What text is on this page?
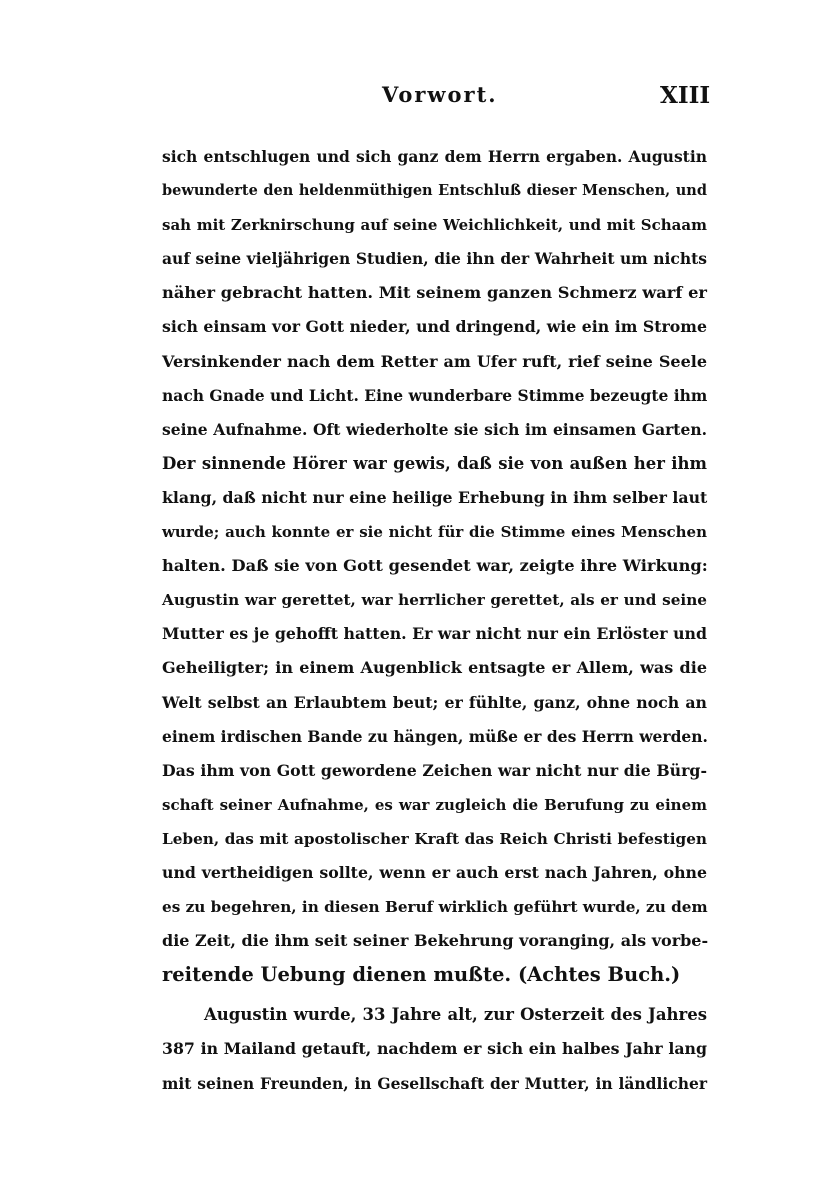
Vorwort.	XIII
sich entschlugen und sich ganz dem Herrn ergaben. Augustin
bewunderte den heldenmüthigen Entschluß dieser Menschen, und
sah mit Zerknirschung auf seine Weichlichkeit, und mit Schaam
auf seine vieljährigen Studien, die ihn der Wahrheit um nichts
näher gebracht hatten. Mit seinem ganzen Schmerz warf er
sich einsam vor Gott nieder, und dringend, wie ein im Strome
Versinkender nach dem Retter am Ufer ruft, rief seine Seele
nach Gnade und Licht. Eine wunderbare Stimme bezeugte ihm
seine Aufnahme. Oft wiederholte sie sich im einsamen Garten.
Der sinnende Hörer war gewis, daß sie von außen her ihm
klang, daß nicht nur eine heilige Erhebung in ihm selber laut
wurde; auch konnte er sie nicht für die Stimme eines Menschen
halten. Daß sie von Gott gesendet war, zeigte ihre Wirkung:
Augustin war gerettet, war herrlicher gerettet, als er und seine
Mutter es je gehofft hatten. Er war nicht nur ein Erlöster und
Geheiligter; in einem Augenblick entsagte er Allem, was die
Welt selbst an Erlaubtem beut; er fühlte, ganz, ohne noch an
einem irdischen Bande zu hängen, müße er des Herrn werden.
Das ihm von Gott gewordene Zeichen war nicht nur die Bürg-
schaft seiner Aufnahme, es war zugleich die Berufung zu einem
Leben, das mit apostolischer Kraft das Reich Christi befestigen
und vertheidigen sollte, wenn er auch erst nach Jahren, ohne
es zu begehren, in diesen Beruf wirklich geführt wurde, zu dem
die Zeit, die ihm seit seiner Bekehrung voranging, als vorbe-
reitende Uebung dienen mußte. (Achtes Buch.)
Augustin wurde, 33 Jahre alt, zur Osterzeit des Jahres
387 in Mailand getauft, nachdem er sich ein halbes Jahr lang
mit seinen Freunden, in Gesellschaft der Mutter, in ländlicher
